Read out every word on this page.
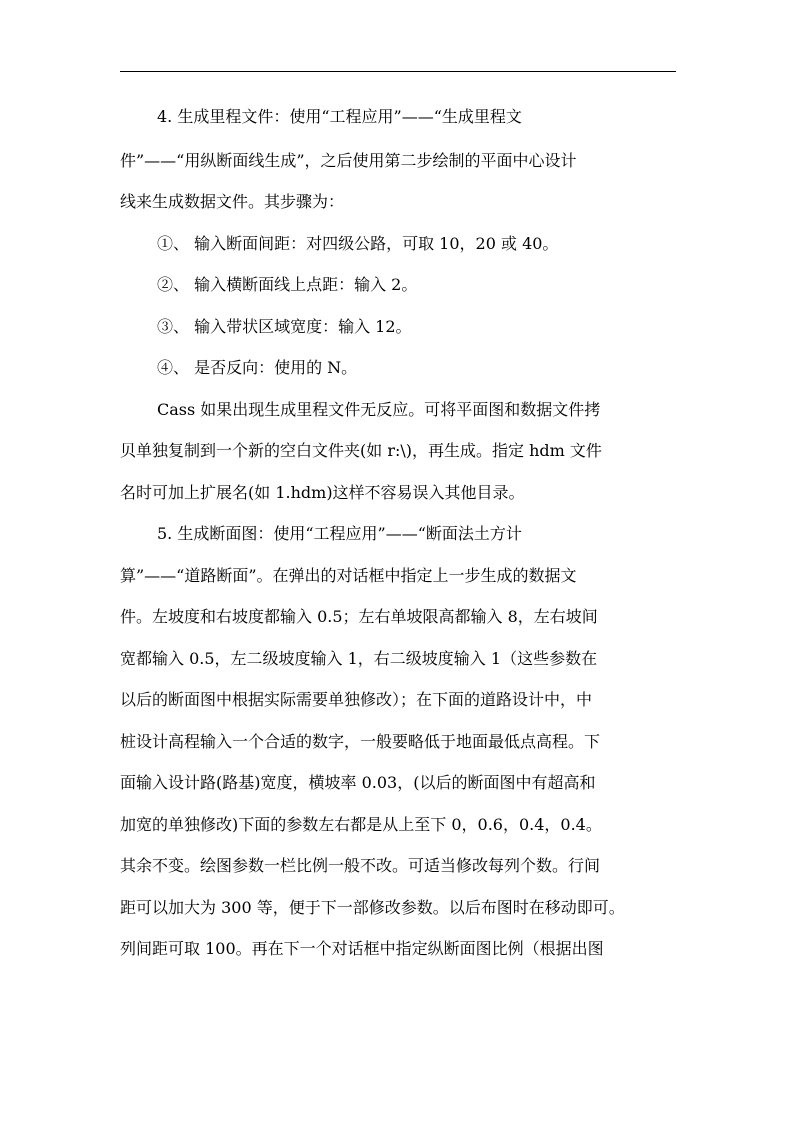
4. 生成里程文件：使用“工程应用”——“生成里程文
件”——“用纵断面线生成”，之后使用第二步绘制的平面中心设计
线来生成数据文件。其步骤为：
①、 输入断面间距：对四级公路，可取 10，20 或 40。
②、 输入横断面线上点距：输入 2。
③、 输入带状区域宽度：输入 12。
④、 是否反向：使用的 N。
Cass 如果出现生成里程文件无反应。可将平面图和数据文件拷
贝单独复制到一个新的空白文件夹(如 r:\)，再生成。指定 hdm 文件
名时可加上扩展名(如 1.hdm)这样不容易误入其他目录。
5. 生成断面图：使用“工程应用”——“断面法土方计
算”——“道路断面”。在弹出的对话框中指定上一步生成的数据文
件。左坡度和右坡度都输入 0.5；左右单坡限高都输入 8，左右坡间
宽都输入 0.5，左二级坡度输入 1，右二级坡度输入 1（这些参数在
以后的断面图中根据实际需要单独修改）；在下面的道路设计中，中
桩设计高程输入一个合适的数字，一般要略低于地面最低点高程。下
面输入设计路(路基)宽度，横坡率 0.03，(以后的断面图中有超高和
加宽的单独修改)下面的参数左右都是从上至下 0，0.6，0.4，0.4。
其余不变。绘图参数一栏比例一般不改。可适当修改每列个数。行间
距可以加大为 300 等，便于下一部修改参数。以后布图时在移动即可。
列间距可取 100。再在下一个对话框中指定纵断面图比例（根据出图
